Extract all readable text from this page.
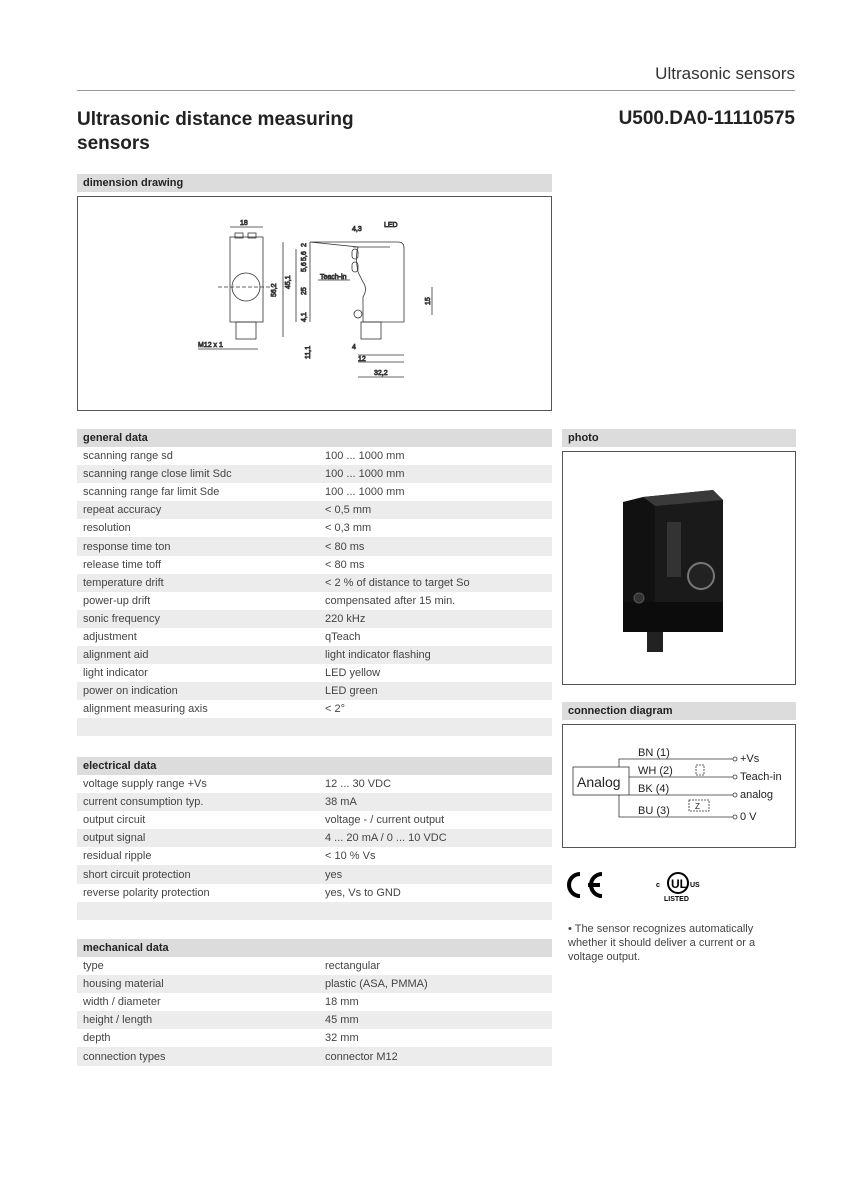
Ultrasonic sensors
Ultrasonic distance measuring sensors
U500.DA0-11110575
dimension drawing
18
4,3
LED
56,2
45,1
2
5,6
5,6
Teach-in
25
4,1
15
M12 x 1
11,1	4
12
32,2
general data
scanning range sd	100 ... 1000 mm
scanning range close limit Sdc	100 ... 1000 mm
scanning range far limit Sde	100 ... 1000 mm
repeat accuracy	< 0,5 mm
resolution	< 0,3 mm
response time ton	< 80 ms
release time toff	< 80 ms
temperature drift	< 2 % of distance to target So
power-up drift	compensated after 15 min.
sonic frequency	220 kHz
adjustment	qTeach
alignment aid	light indicator flashing
light indicator	LED yellow
power on indication	LED green
alignment measuring axis	< 2°
electrical data
voltage supply range +Vs	12 ... 30 VDC
current consumption typ.	38 mA
output circuit	voltage - / current output
output signal	4 ... 20 mA / 0 ... 10 VDC
residual ripple	< 10 % Vs
short circuit protection	yes
reverse polarity protection	yes, Vs to GND
mechanical data
type	rectangular
housing material	plastic (ASA, PMMA)
width / diameter	18 mm
height / length	45 mm
depth	32 mm
connection types	connector M12
photo
connection diagram
Analog
Z
BN (1)
WH (2)
BK (4)
BU (3)
+Vs
Teach-in
analog
0 V
c UL US
LISTED
• The sensor recognizes automatically whether it should deliver a current or a voltage output.
